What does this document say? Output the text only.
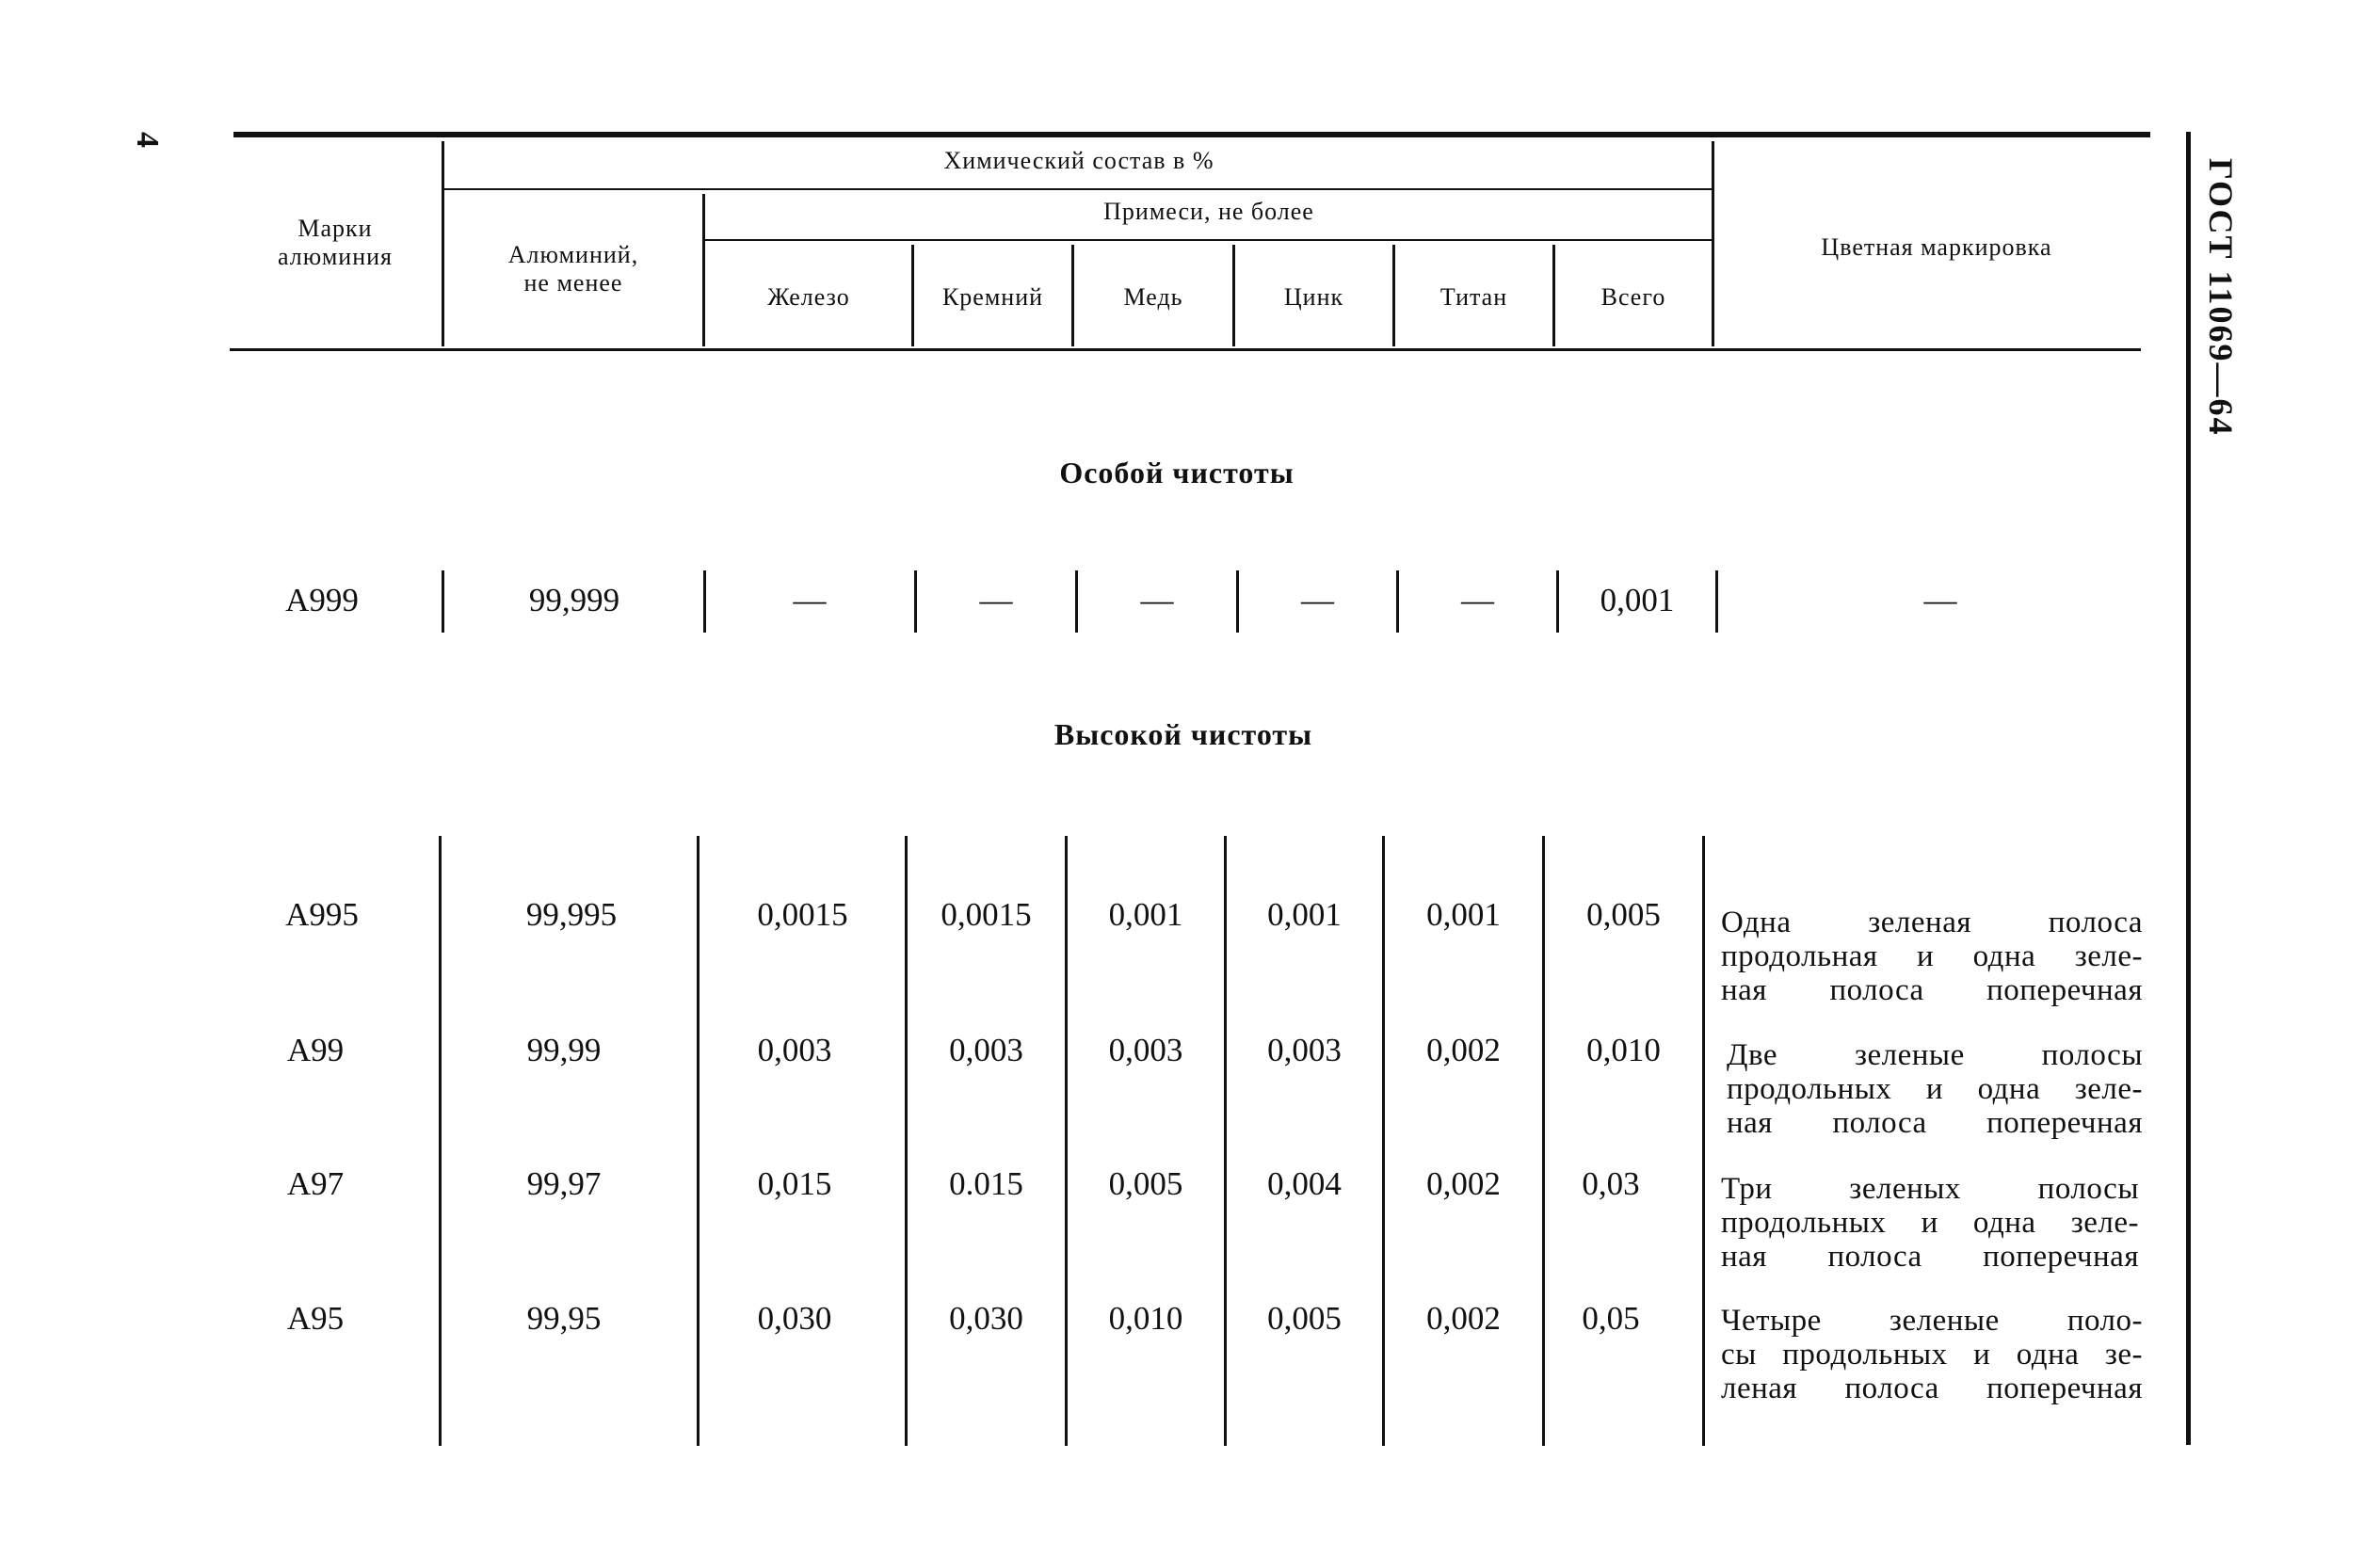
4
ГОСТ 11069—64
Марки
алюминия
Химический состав в %
Алюминий,
не менее
Примеси, не более
Железо	Кремний	Медь	Цинк	Титан	Всего
Цветная маркировка
Особой чистоты
А999	99,999	—	—	—	—	—	0,001	—
Высокой чистоты
А995	99,995	0,0015	0,0015	0,001	0,001	0,001	0,005	Одна зеленая полоса
продольная и одна зеле-
ная полоса поперечная
А99	99,99	0,003	0,003	0,003	0,003	0,002	0,010	Две зеленые полосы
продольных и одна зеле-
ная полоса поперечная
А97	99,97	0,015	0.015	0,005	0,004	0,002	0,03	Три зеленых полосы
продольных и одна зеле-
ная полоса поперечная
А95	99,95	0,030	0,030	0,010	0,005	0,002	0,05	Четыре зеленые поло-
сы продольных и одна зе-
леная полоса поперечная
